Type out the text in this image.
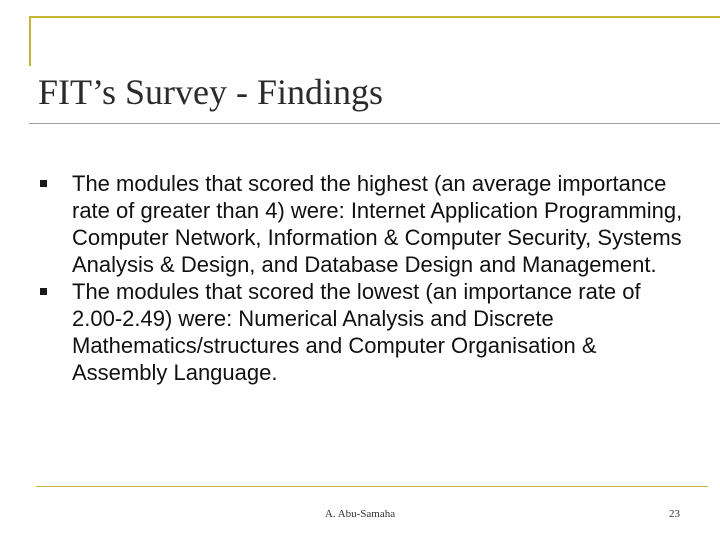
FIT’s Survey - Findings
The modules that scored the highest (an average importance rate of greater than 4) were: Internet Application Programming, Computer Network, Information & Computer Security, Systems Analysis & Design, and Database Design and Management.
The modules that scored the lowest (an importance rate of 2.00-2.49) were: Numerical Analysis and Discrete Mathematics/structures and Computer Organisation & Assembly Language.
A. Abu-Samaha	23
